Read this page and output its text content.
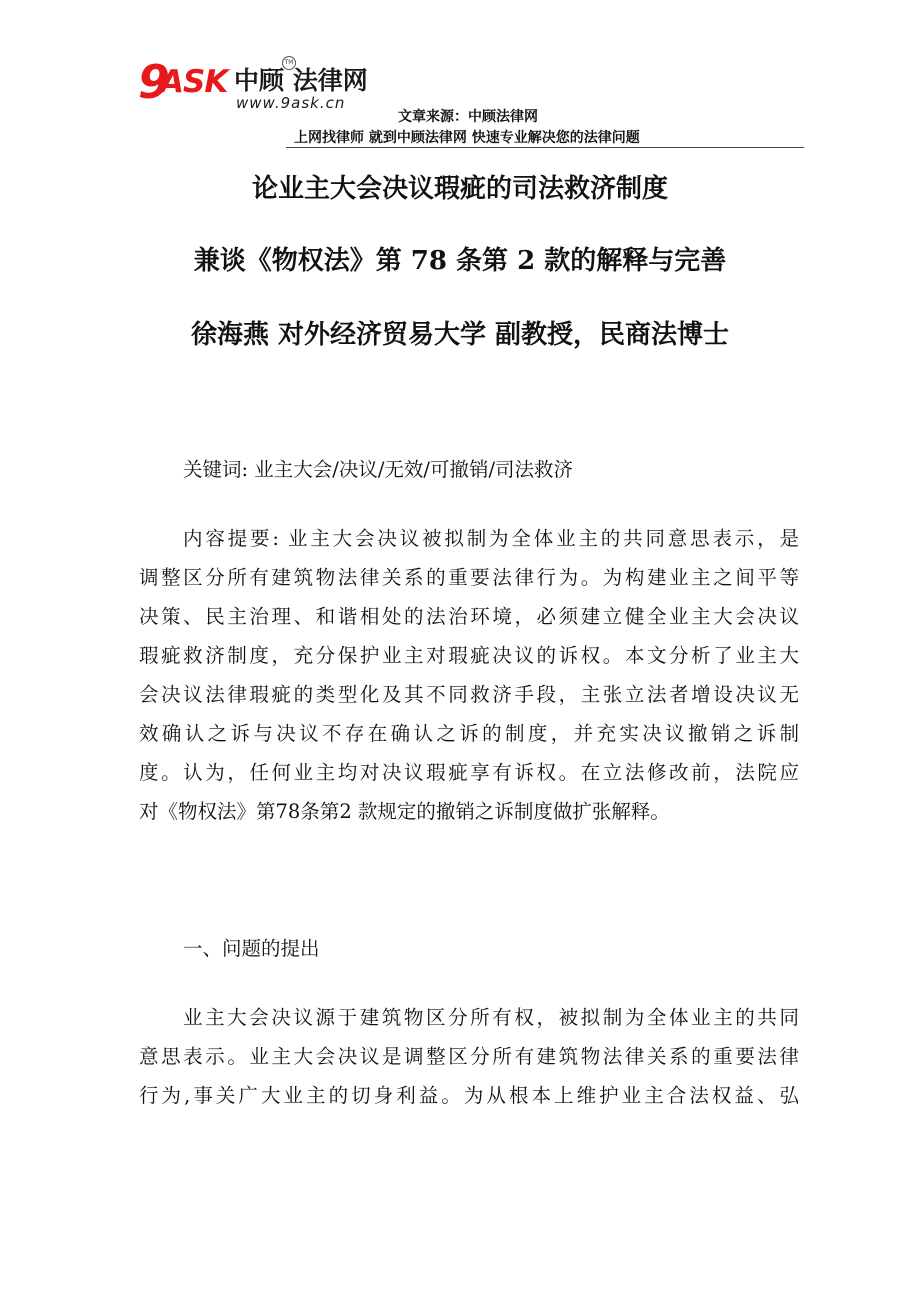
9
ASK 中顾 法律网
TM
www.9ask.cn
文章来源：中顾法律网
上网找律师 就到中顾法律网 快速专业解决您的法律问题
论业主大会决议瑕疵的司法救济制度
兼谈《物权法》第 78 条第 2 款的解释与完善
徐海燕 对外经济贸易大学 副教授，民商法博士
关键词: 业主大会/决议/无效/可撤销/司法救济
内容提要: 业主大会决议被拟制为全体业主的共同意思表示，是
调整区分所有建筑物法律关系的重要法律行为。为构建业主之间平等
决策、民主治理、和谐相处的法治环境，必须建立健全业主大会决议
瑕疵救济制度，充分保护业主对瑕疵决议的诉权。本文分析了业主大
会决议法律瑕疵的类型化及其不同救济手段，主张立法者增设决议无
效确认之诉与决议不存在确认之诉的制度，并充实决议撤销之诉制
度。认为，任何业主均对决议瑕疵享有诉权。在立法修改前，法院应
对《物权法》第78条第2 款规定的撤销之诉制度做扩张解释。
一、问题的提出
业主大会决议源于建筑物区分所有权，被拟制为全体业主的共同
意思表示。业主大会决议是调整区分所有建筑物法律关系的重要法律
行为,事关广大业主的切身利益。为从根本上维护业主合法权益、弘
